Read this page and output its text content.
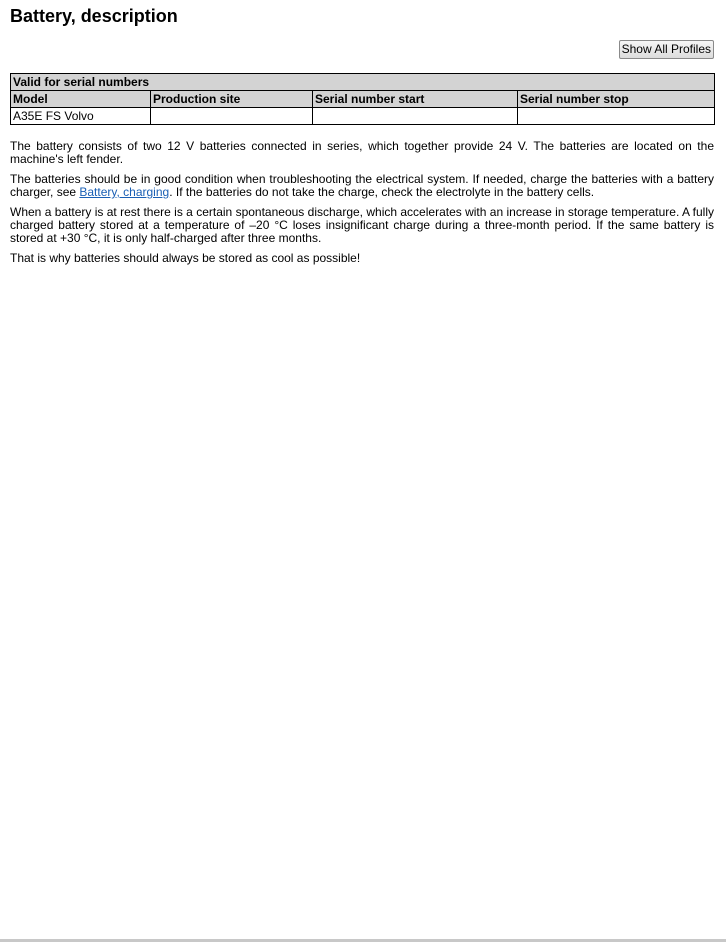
Battery, description
Show All Profiles
Valid for serial numbers			
Model	Production site	Serial number start	Serial number stop
A35E FS Volvo			

The battery consists of two 12 V batteries connected in series, which together provide 24 V. The batteries are located on the machine's left fender.

The batteries should be in good condition when troubleshooting the electrical system. If needed, charge the batteries with a battery charger, see Battery, charging. If the batteries do not take the charge, check the electrolyte in the battery cells.

When a battery is at rest there is a certain spontaneous discharge, which accelerates with an increase in storage temperature. A fully charged battery stored at a temperature of –20 °C loses insignificant charge during a three-month period. If the same battery is stored at +30 °C, it is only half-charged after three months.

That is why batteries should always be stored as cool as possible!
